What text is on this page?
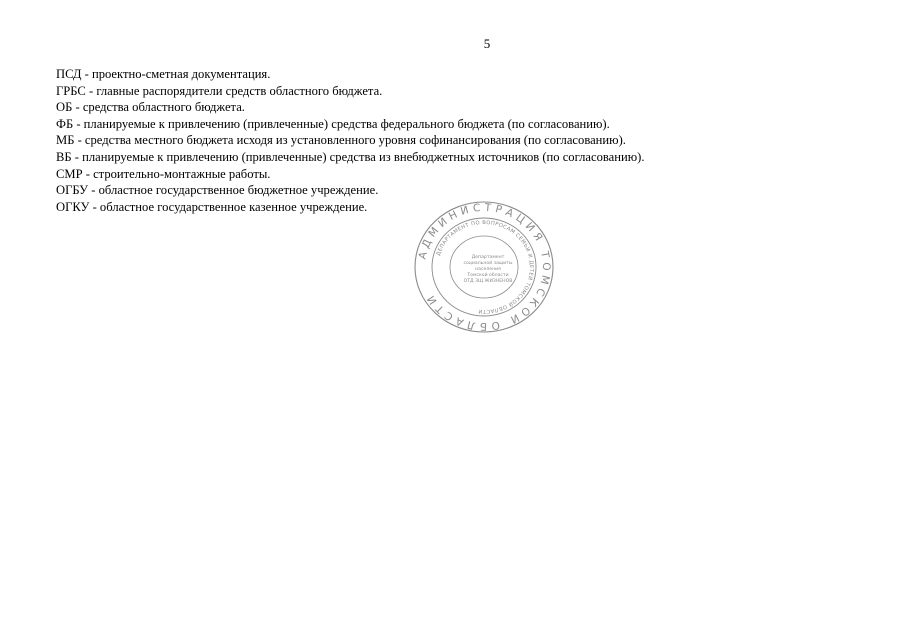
5
ПСД - проектно-сметная документация.
ГРБС - главные распорядители средств областного бюджета.
ОБ - средства областного бюджета.
ФБ - планируемые к привлечению (привлеченные) средства федерального бюджета (по согласованию).
МБ - средства местного бюджета исходя из установленного уровня софинансирования (по согласованию).
ВБ - планируемые к привлечению (привлеченные) средства из внебюджетных источников (по согласованию).
СМР - строительно-монтажные работы.
ОГБУ - областное государственное бюджетное учреждение.
ОГКУ - областное государственное казенное учреждение.
АДМИНИСТРАЦИЯ ТОМСКОЙ ОБЛАСТИ
ДЕПАРТАМЕНТ ПО ВОПРОСАМ СЕМЬИ И ДЕТЕЙ ТОМСКОЙ ОБЛАСТИ
Департамент
социальной защиты
населения
Томской области
ОТД ЗЩ ЖИЗНЕНОВ
